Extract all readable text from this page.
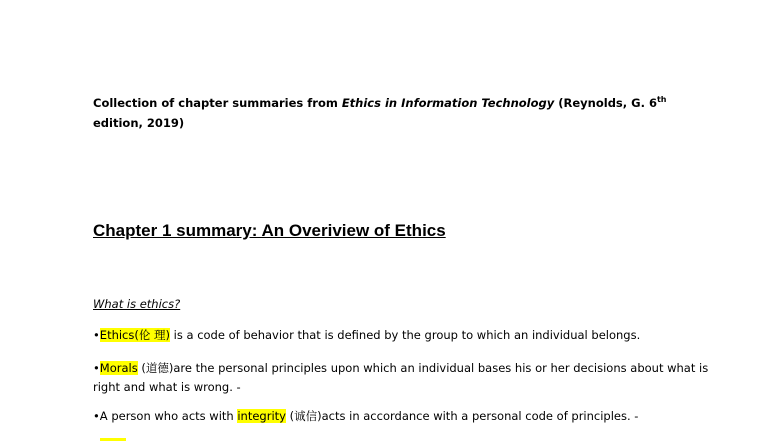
Collection of chapter summaries from Ethics in Information Technology (Reynolds, G. 6th edition, 2019)
Chapter 1 summary: An Overiview of Ethics
What is ethics?
•Ethics(伦 理) is a code of behavior that is defined by the group to which an individual belongs.
•Morals (道德)are the personal principles upon which an individual bases his or her decisions about what is right and what is wrong. -
•A person who acts with integrity (诚信)acts in accordance with a personal code of principles. -
